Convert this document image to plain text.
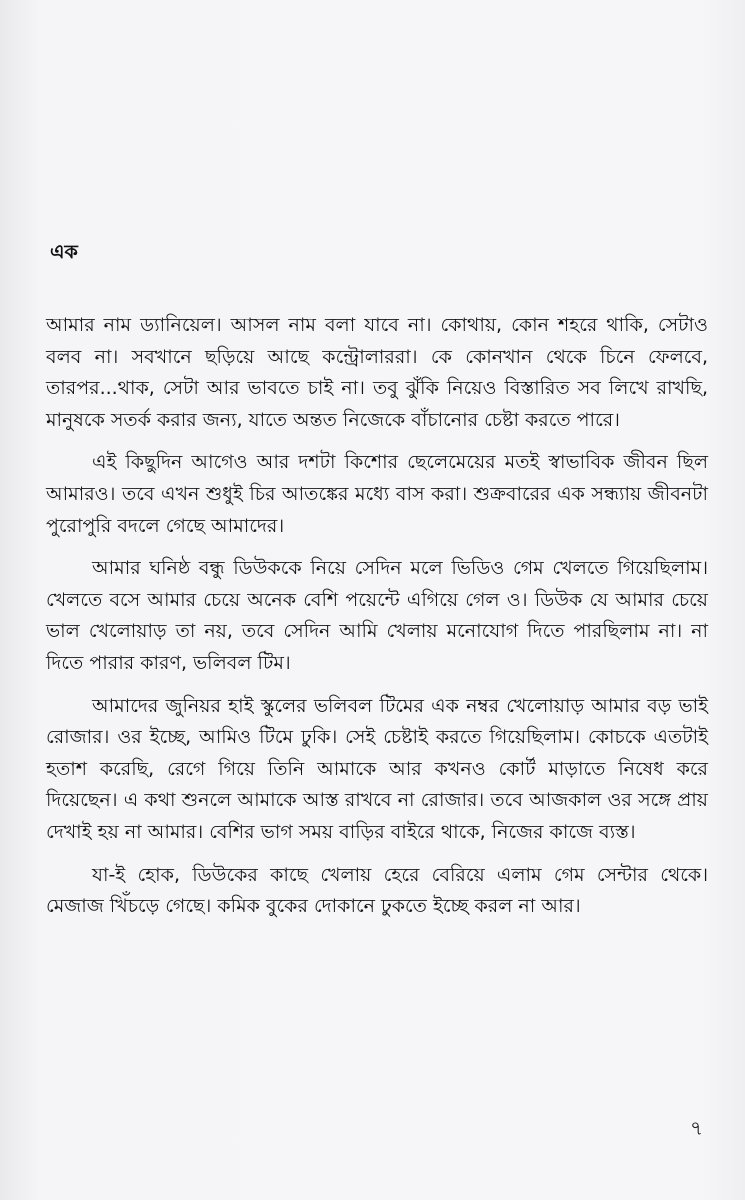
এক

আমার নাম ড্যানিয়েল। আসল নাম বলা যাবে না। কোথায়, কোন শহরে থাকি, সেটাও বলব না। সবখানে ছড়িয়ে আছে কন্ট্রোলাররা। কে কোনখান থেকে চিনে ফেলবে, তারপর...থাক, সেটা আর ভাবতে চাই না। তবু ঝুঁকি নিয়েও বিস্তারিত সব লিখে রাখছি, মানুষকে সতর্ক করার জন্য, যাতে অন্তত নিজেকে বাঁচানোর চেষ্টা করতে পারে।

এই কিছুদিন আগেও আর দশটা কিশোর ছেলেমেয়ের মতই স্বাভাবিক জীবন ছিল আমারও। তবে এখন শুধুই চির আতঙ্কের মধ্যে বাস করা। শুক্রবারের এক সন্ধ্যায় জীবনটা পুরোপুরি বদলে গেছে আমাদের।

আমার ঘনিষ্ঠ বন্ধু ডিউককে নিয়ে সেদিন মলে ভিডিও গেম খেলতে গিয়েছিলাম। খেলতে বসে আমার চেয়ে অনেক বেশি পয়েন্টে এগিয়ে গেল ও। ডিউক যে আমার চেয়ে ভাল খেলোয়াড় তা নয়, তবে সেদিন আমি খেলায় মনোযোগ দিতে পারছিলাম না। না দিতে পারার কারণ, ভলিবল টিম।

আমাদের জুনিয়র হাই স্কুলের ভলিবল টিমের এক নম্বর খেলোয়াড় আমার বড় ভাই রোজার। ওর ইচ্ছে, আমিও টিমে ঢুকি। সেই চেষ্টাই করতে গিয়েছিলাম। কোচকে এতটাই হতাশ করেছি, রেগে গিয়ে তিনি আমাকে আর কখনও কোর্ট মাড়াতে নিষেধ করে দিয়েছেন। এ কথা শুনলে আমাকে আস্ত রাখবে না রোজার। তবে আজকাল ওর সঙ্গে প্রায় দেখাই হয় না আমার। বেশির ভাগ সময় বাড়ির বাইরে থাকে, নিজের কাজে ব্যস্ত।

যা-ই হোক, ডিউকের কাছে খেলায় হেরে বেরিয়ে এলাম গেম সেন্টার থেকে। মেজাজ খিঁচড়ে গেছে। কমিক বুকের দোকানে ঢুকতে ইচ্ছে করল না আর।

৭
